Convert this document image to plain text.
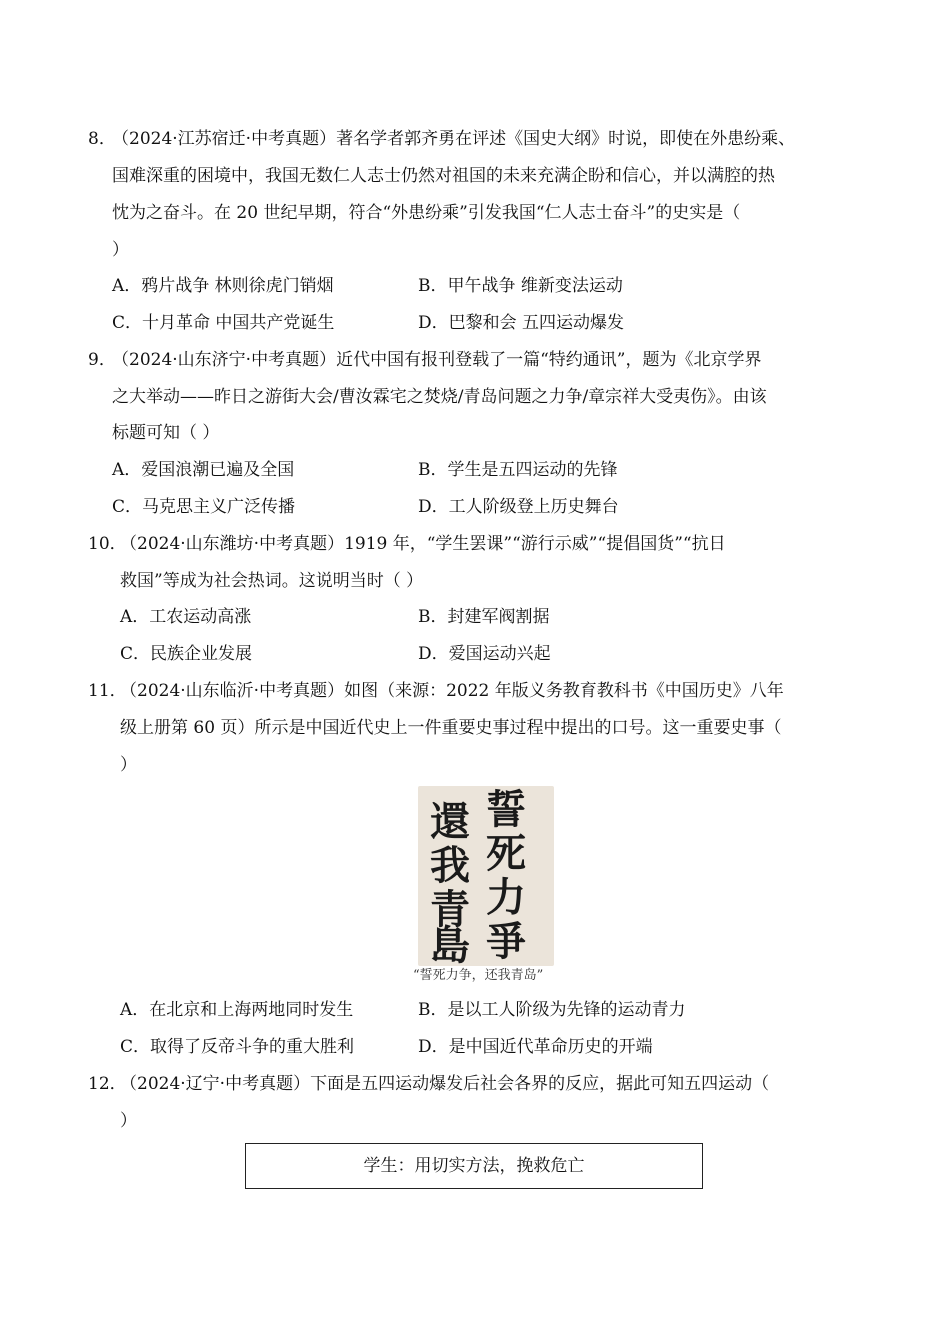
8．
（2024·江苏宿迁·中考真题）著名学者郭齐勇在评述《国史大纲》时说，即使在外患纷乘、
国难深重的困境中，我国无数仁人志士仍然对祖国的未来充满企盼和信心，并以满腔的热
忱为之奋斗。在 20 世纪早期，符合“外患纷乘”引发我国“仁人志士奋斗”的史实是（
）
A．鸦片战争 林则徐虎门销烟	B．甲午战争 维新变法运动
C．十月革命 中国共产党诞生	D．巴黎和会 五四运动爆发
9．
（2024·山东济宁·中考真题）近代中国有报刊登载了一篇“特约通讯”，题为《北京学界
之大举动——昨日之游街大会/曹汝霖宅之焚烧/青岛问题之力争/章宗祥大受夷伤》。由该
标题可知（ ）
A．爱国浪潮已遍及全国	B．学生是五四运动的先锋
C．马克思主义广泛传播	D．工人阶级登上历史舞台
10．
（2024·山东潍坊·中考真题）1919 年，“学生罢课”“游行示威”“提倡国货”“抗日
救国”等成为社会热词。这说明当时（ ）
A．工农运动高涨	B．封建军阀割据
C．民族企业发展	D．爱国运动兴起
11．
（2024·山东临沂·中考真题）如图（来源：2022 年版义务教育教科书《中国历史》八年
级上册第 60 页）所示是中国近代史上一件重要史事过程中提出的口号。这一重要史事（
）
誓
死
力
爭
還
我
青
島
“誓死力争，还我青岛”
A．在北京和上海两地同时发生	B．是以工人阶级为先锋的运动青力
C．取得了反帝斗争的重大胜利	D．是中国近代革命历史的开端
12．
（2024·辽宁·中考真题）下面是五四运动爆发后社会各界的反应，据此可知五四运动（
）
学生：用切实方法，挽救危亡
